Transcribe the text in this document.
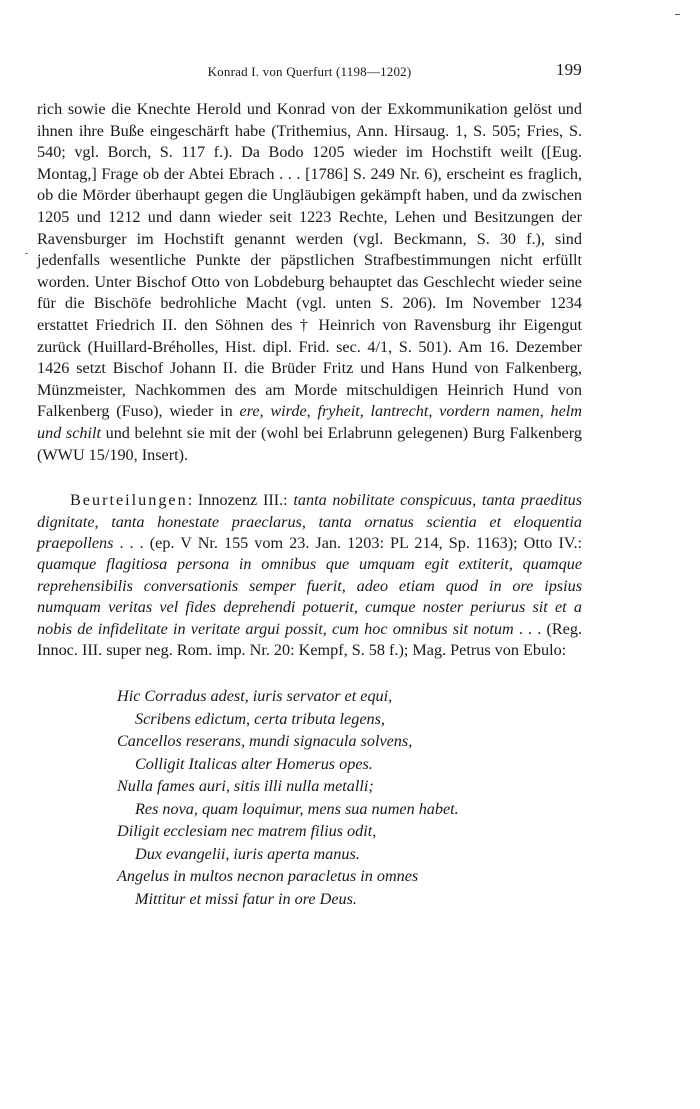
Konrad I. von Querfurt (1198—1202)	199

rich sowie die Knechte Herold und Konrad von der Exkommunikation gelöst und ihnen ihre Buße eingeschärft habe (Trithemius, Ann. Hirsaug. 1, S. 505; Fries, S. 540; vgl. Borch, S. 117 f.). Da Bodo 1205 wieder im Hochstift weilt ([Eug. Montag,] Frage ob der Abtei Ebrach . . . [1786] S. 249 Nr. 6), erscheint es fraglich, ob die Mörder überhaupt gegen die Ungläubigen gekämpft haben, und da zwischen 1205 und 1212 und dann wieder seit 1223 Rechte, Lehen und Besitzungen der Ravensburger im Hochstift genannt werden (vgl. Beckmann, S. 30 f.), sind jedenfalls wesentliche Punkte der päpstlichen Strafbestimmungen nicht erfüllt worden. Unter Bischof Otto von Lobdeburg behauptet das Geschlecht wieder seine für die Bischöfe bedrohliche Macht (vgl. unten S. 206). Im November 1234 erstattet Friedrich II. den Söhnen des † Heinrich von Ravensburg ihr Eigengut zurück (Huillard-Bréholles, Hist. dipl. Frid. sec. 4/1, S. 501). Am 16. Dezember 1426 setzt Bischof Johann II. die Brüder Fritz und Hans Hund von Falkenberg, Münzmeister, Nachkommen des am Morde mitschuldigen Heinrich Hund von Falkenberg (Fuso), wieder in ere, wirde, fryheit, lantrecht, vordern namen, helm und schilt und belehnt sie mit der (wohl bei Erlabrunn gelegenen) Burg Falkenberg (WWU 15/190, Insert).

Beurteilungen: Innozenz III.: tanta nobilitate conspicuus, tanta praeditus dignitate, tanta honestate praeclarus, tanta ornatus scientia et eloquentia praepollens . . . (ep. V Nr. 155 vom 23. Jan. 1203: PL 214, Sp. 1163); Otto IV.: quamque flagitiosa persona in omnibus que umquam egit extiterit, quamque reprehensibilis conversationis semper fuerit, adeo etiam quod in ore ipsius numquam veritas vel fides deprehendi potuerit, cumque noster periurus sit et a nobis de infidelitate in veritate argui possit, cum hoc omnibus sit notum . . . (Reg. Innoc. III. super neg. Rom. imp. Nr. 20: Kempf, S. 58 f.); Mag. Petrus von Ebulo:

Hic Corradus adest, iuris servator et equi,
Scribens edictum, certa tributa legens,
Cancellos reserans, mundi signacula solvens,
Colligit Italicas alter Homerus opes.
Nulla fames auri, sitis illi nulla metalli;
Res nova, quam loquimur, mens sua numen habet.
Diligit ecclesiam nec matrem filius odit,
Dux evangelii, iuris aperta manus.
Angelus in multos necnon paracletus in omnes
Mittitur et missi fatur in ore Deus.
